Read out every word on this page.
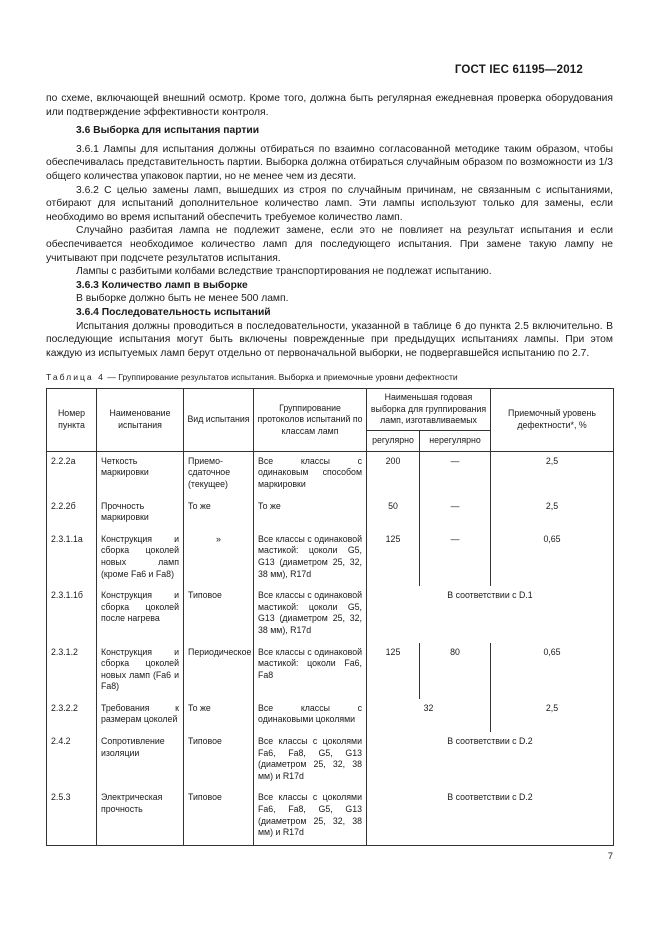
ГОСТ IEC 61195—2012

по схеме, включающей внешний осмотр. Кроме того, должна быть регулярная ежедневная проверка оборудования или подтверждение эффективности контроля.

3.6 Выборка для испытания партии

3.6.1 Лампы для испытания должны отбираться по взаимно согласованной методике таким образом, чтобы обеспечивалась представительность партии. Выборка должна отбираться случайным образом по возможности из 1/3 общего количества упаковок партии, но не менее чем из десяти.

3.6.2 С целью замены ламп, вышедших из строя по случайным причинам, не связанным с испытаниями, отбирают для испытаний дополнительное количество ламп. Эти лампы используют только для замены, если необходимо во время испытаний обеспечить требуемое количество ламп.

Случайно разбитая лампа не подлежит замене, если это не повлияет на результат испытания и если обеспечивается необходимое количество ламп для последующего испытания. При замене такую лампу не учитывают при подсчете результатов испытания.

Лампы с разбитыми колбами вследствие транспортирования не подлежат испытанию.

3.6.3 Количество ламп в выборке

В выборке должно быть не менее 500 ламп.

3.6.4 Последовательность испытаний

Испытания должны проводиться в последовательности, указанной в таблице 6 до пункта 2.5 включительно. В последующие испытания могут быть включены поврежденные при предыдущих испытаниях лампы. При этом каждую из испытуемых ламп берут отдельно от первоначальной выборки, не подвергавшейся испытанию по 2.7.

Таблица 4 — Группирование результатов испытания. Выборка и приемочные уровни дефектности
Номер пункта	Наименование испытания	Вид испытания	Группирование протоколов испытаний по классам ламп	Наименьшая годовая выборка для группирования ламп, изготавливаемых		Приемочный уровень дефектности*, %
				регулярно	нерегулярно	
2.2.2а	Четкость маркировки	Приемо-сдаточное (текущее)	Все классы с одинаковым способом маркировки	200	—	2,5
2.2.2б	Прочность маркировки	То же	То же	50	—	2,5
2.3.1.1а	Конструкция и сборка цоколей новых ламп (кроме Fa6 и Fa8)	»	Все классы с одинаковой мастикой: цоколи G5, G13 (диаметром 25, 32, 38 мм), R17d	125	—	0,65
2.3.1.1б	Конструкция и сборка цоколей после нагрева	Типовое	Все классы с одинаковой мастикой: цоколи G5, G13 (диаметром 25, 32, 38 мм), R17d	В соответствии с D.1		
2.3.1.2	Конструкция и сборка цоколей новых ламп (Fa6 и Fa8)	Периодическое	Все классы с одинаковой мастикой: цоколи Fa6, Fa8	125	80	0,65
2.3.2.2	Требования к размерам цоколей	То же	Все классы с одинаковыми цоколями	32		2,5
2.4.2	Сопротивление изоляции	Типовое	Все классы с цоколями Fa6, Fa8, G5, G13 (диаметром 25, 32, 38 мм) и R17d	В соответствии с D.2		
2.5.3	Электрическая прочность	Типовое	Все классы с цоколями Fa6, Fa8, G5, G13 (диаметром 25, 32, 38 мм) и R17d	В соответствии с D.2		
7
